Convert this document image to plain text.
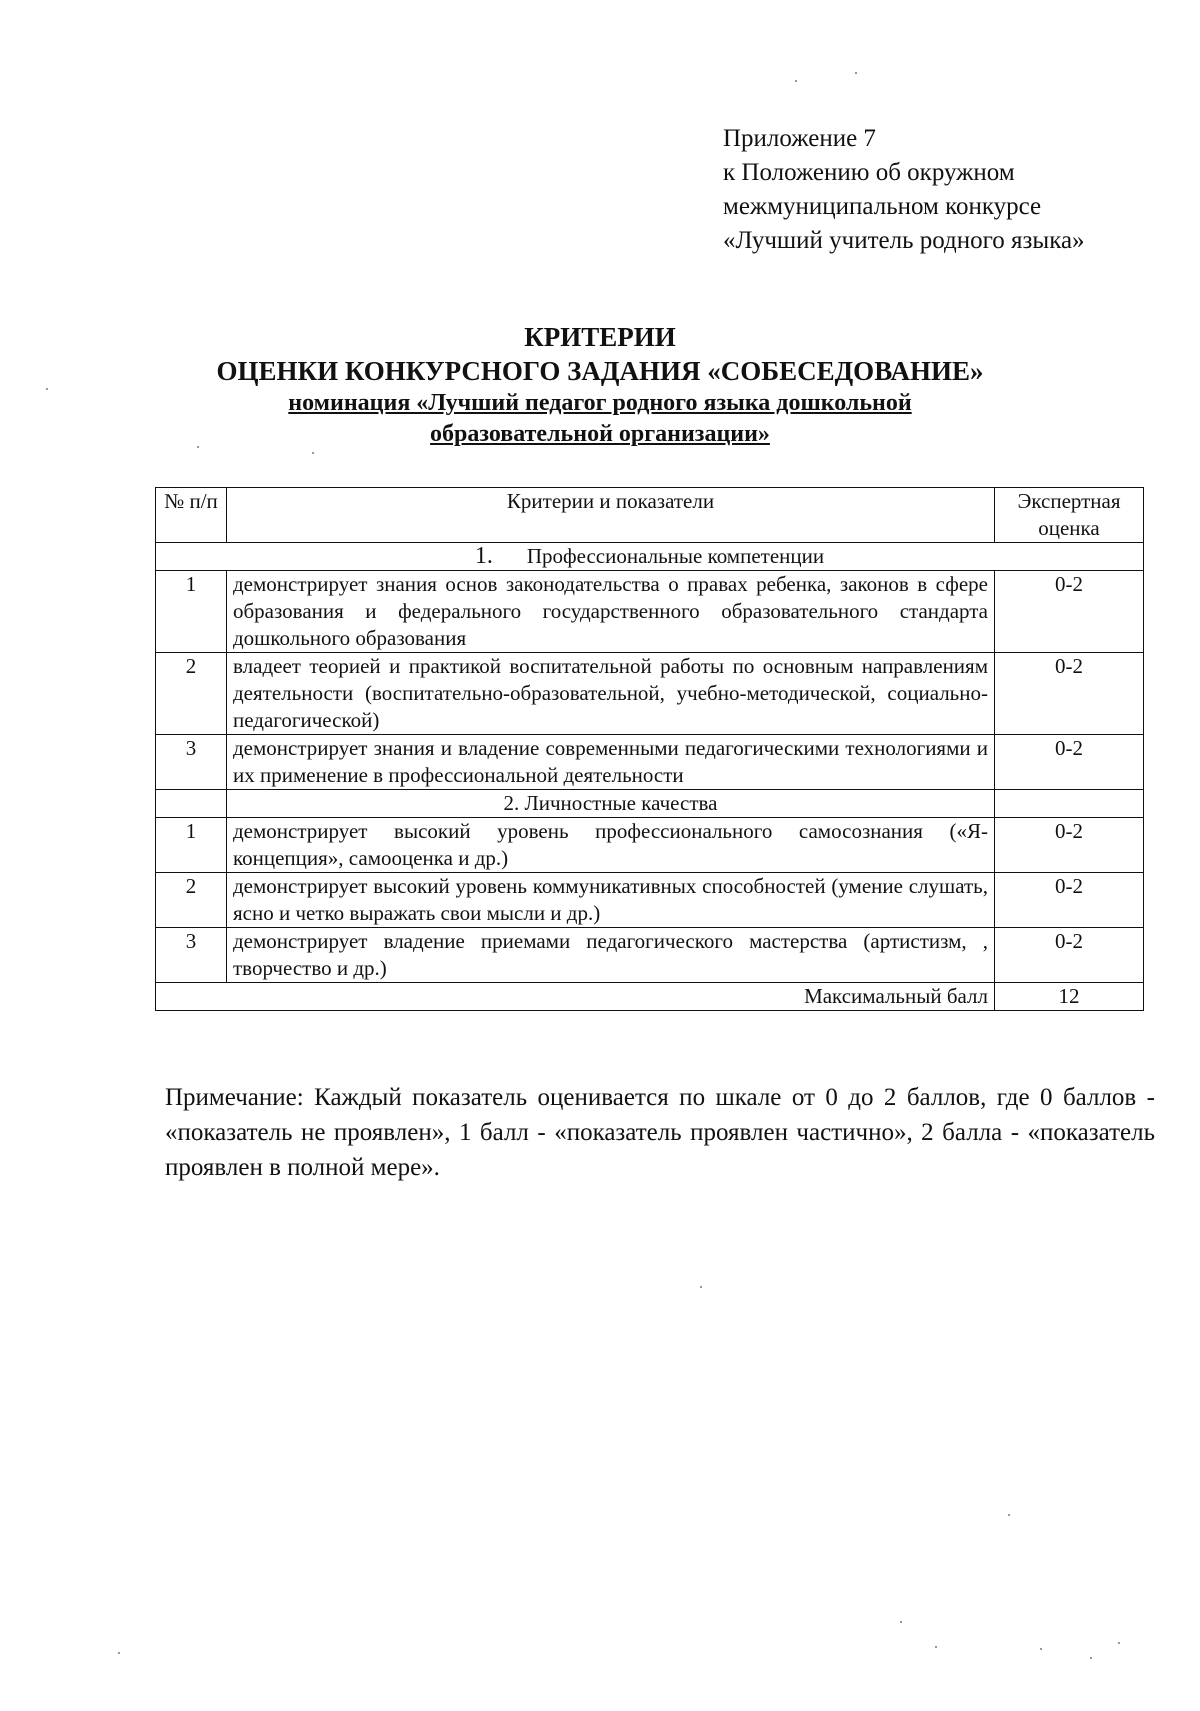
Приложение 7
к Положению об окружном
межмуниципальном конкурсе
«Лучший учитель родного языка»
КРИТЕРИИ
ОЦЕНКИ КОНКУРСНОГО ЗАДАНИЯ «СОБЕСЕДОВАНИЕ»
номинация «Лучший педагог родного языка дошкольной
образовательной организации»
№ п/п	Критерии и показатели	Экспертная оценка
1. Профессиональные компетенции		
1	демонстрирует знания основ законодательства о правах ребенка, законов в сфере образования и федерального государственного образовательного стандарта дошкольного образования	0-2
2	владеет теорией и практикой воспитательной работы по основным направлениям деятельности (воспитательно-образовательной, учебно-методической, социально-педагогической)	0-2
3	демонстрирует знания и владение современными педагогическими технологиями и их применение в профессиональной деятельности	0-2
	2. Личностные качества	
1	демонстрирует высокий уровень профессионального самосознания («Я-концепция», самооценка и др.)	0-2
2	демонстрирует высокий уровень коммуникативных способностей (умение слушать, ясно и четко выражать свои мысли и др.)	0-2
3	демонстрирует владение приемами педагогического мастерства (артистизм, , творчество и др.)	0-2
Максимальный балл		12
Примечание: Каждый показатель оценивается по шкале от 0 до 2 баллов, где 0 баллов - «показатель не проявлен», 1 балл - «показатель проявлен частично», 2 балла - «показатель проявлен в полной мере».
